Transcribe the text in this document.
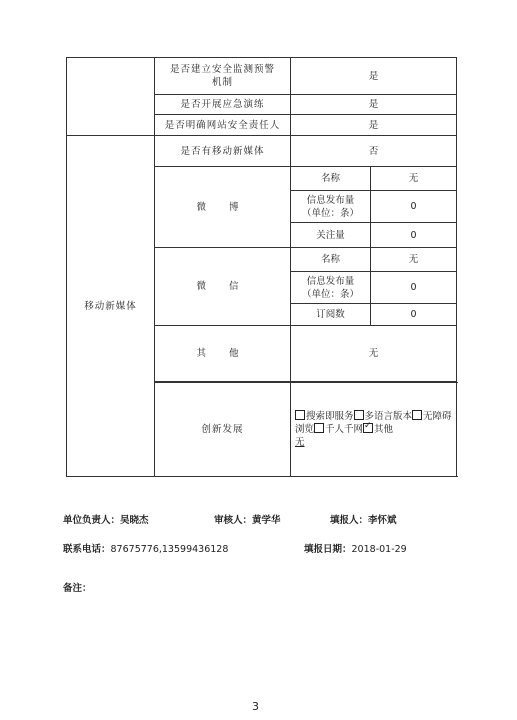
	是否建立安全监测预警
机制	是	
	是否开展应急演练	是	
	是否明确网站安全责任人	是	
移动新媒体	是否有移动新媒体	否	
	微 博	名称	无
		信息发布量
（单位：条）	0
		关注量	0
	微 信	名称	无
		信息发布量
（单位：条）	0
		订阅数	0
	其 他	无	

	创新发展	搜索即服务 多语言版本 无障碍浏览 千人千网 ✓ 其他
无
单位负责人：吴晓杰	审核人：黄学华	填报人：李怀斌
联系电话：87675776,13599436128	填报日期：2018-01-29
备注：
3
